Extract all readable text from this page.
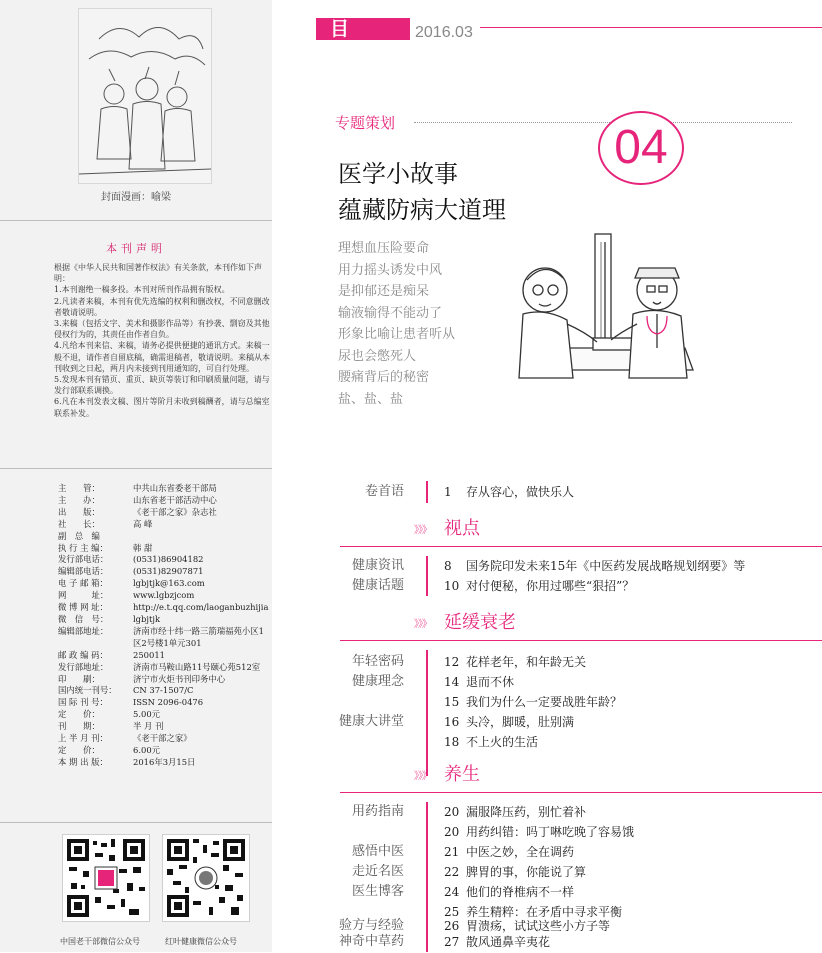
封面漫画：喻梁
本刊声明

根据《中华人民共和国著作权法》有关条款，本刊作如下声明：

1.本刊谢绝一稿多投。本刊对所刊作品拥有版权。

2.凡读者来稿，本刊有优先选编的权利和删改权，不同意删改者敬请说明。

3.来稿（包括文字、美术和摄影作品等）有抄袭、剽窃及其他侵权行为的，其责任由作者自负。

4.凡给本刊来信、来稿，请务必提供便捷的通讯方式。来稿一般不退，请作者自留底稿，确需退稿者，敬请说明。来稿从本刊收到之日起，两月内未接到刊用通知的，可自行处理。

5.发现本刊有错页、重页、缺页等装订和印刷质量问题，请与发行部联系调换。

6.凡在本刊发表文稿、图片等阶月未收到稿酬者，请与总编室联系补发。

主　　管：	中共山东省委老干部局
主　　办：	山东省老干部活动中心
出　　版：	《老干部之家》杂志社
社　　长：	高 峰
副　总　编
执 行 主 编：	韩 甜
发行部电话：	(0531)86904182
编辑部电话：	(0531)82907871
电 子 邮 箱：	lgbjtjk@163.com
网　　　址：	www.lgbzjcom
微 博 网 址：	http://e.t.qq.com/laoganbuzhijia
微　信　号：	lgbjtjk
编辑部地址：	济南市经十纬一路三箭瑞福苑小区1区2号楼1单元301
邮 政 编 码：	250011
发行部地址：	济南市马鞍山路11号颐心苑512室
印　　刷：	济宁市火炬书刊印务中心
国内统一刊号：	CN 37-1507/C
国 际 刊 号：	ISSN 2096-0476
定　　价：	5.00元
刊　　期：	半 月 刊
上 半 月 刊：	《老干部之家》
定　　价：	6.00元
本 期 出 版：	2016年3月15日
中国老干部微信公众号	红叶健康微信公众号
目 录
2016.03
专题策划	04
医学小故事
蕴藏防病大道理
理想血压险要命
用力摇头诱发中风
是抑郁还是痴呆
输液输得不能动了
形象比喻让患者听从
尿也会憋死人
腰痛背后的秘密
盐、盐、盐
卷首语	1	存从容心，做快乐人
》》》 视点
健康资讯	8	国务院印发未来15年《中医药发展战略规划纲要》等
健康话题	10 对付便秘，你用过哪些“狠招”？
》》》 延缓衰老
年轻密码	12 花样老年，和年龄无关
健康理念	14 退而不休
15 我们为什么一定要战胜年龄？
健康大讲堂	16 头冷，脚暖，肚别满
18 不上火的生活
》》》 养生
用药指南	20 漏服降压药，别忙着补
20 用药纠错：吗丁啉吃晚了容易饿
感悟中医	21 中医之妙，全在调药
走近名医	22 脾胃的事，你能说了算
医生博客	24 他们的脊椎病不一样
25 养生精粹：在矛盾中寻求平衡
验方与经验	26 胃溃疡，试试这些小方子等
神奇中草药	27 散风通鼻辛夷花
